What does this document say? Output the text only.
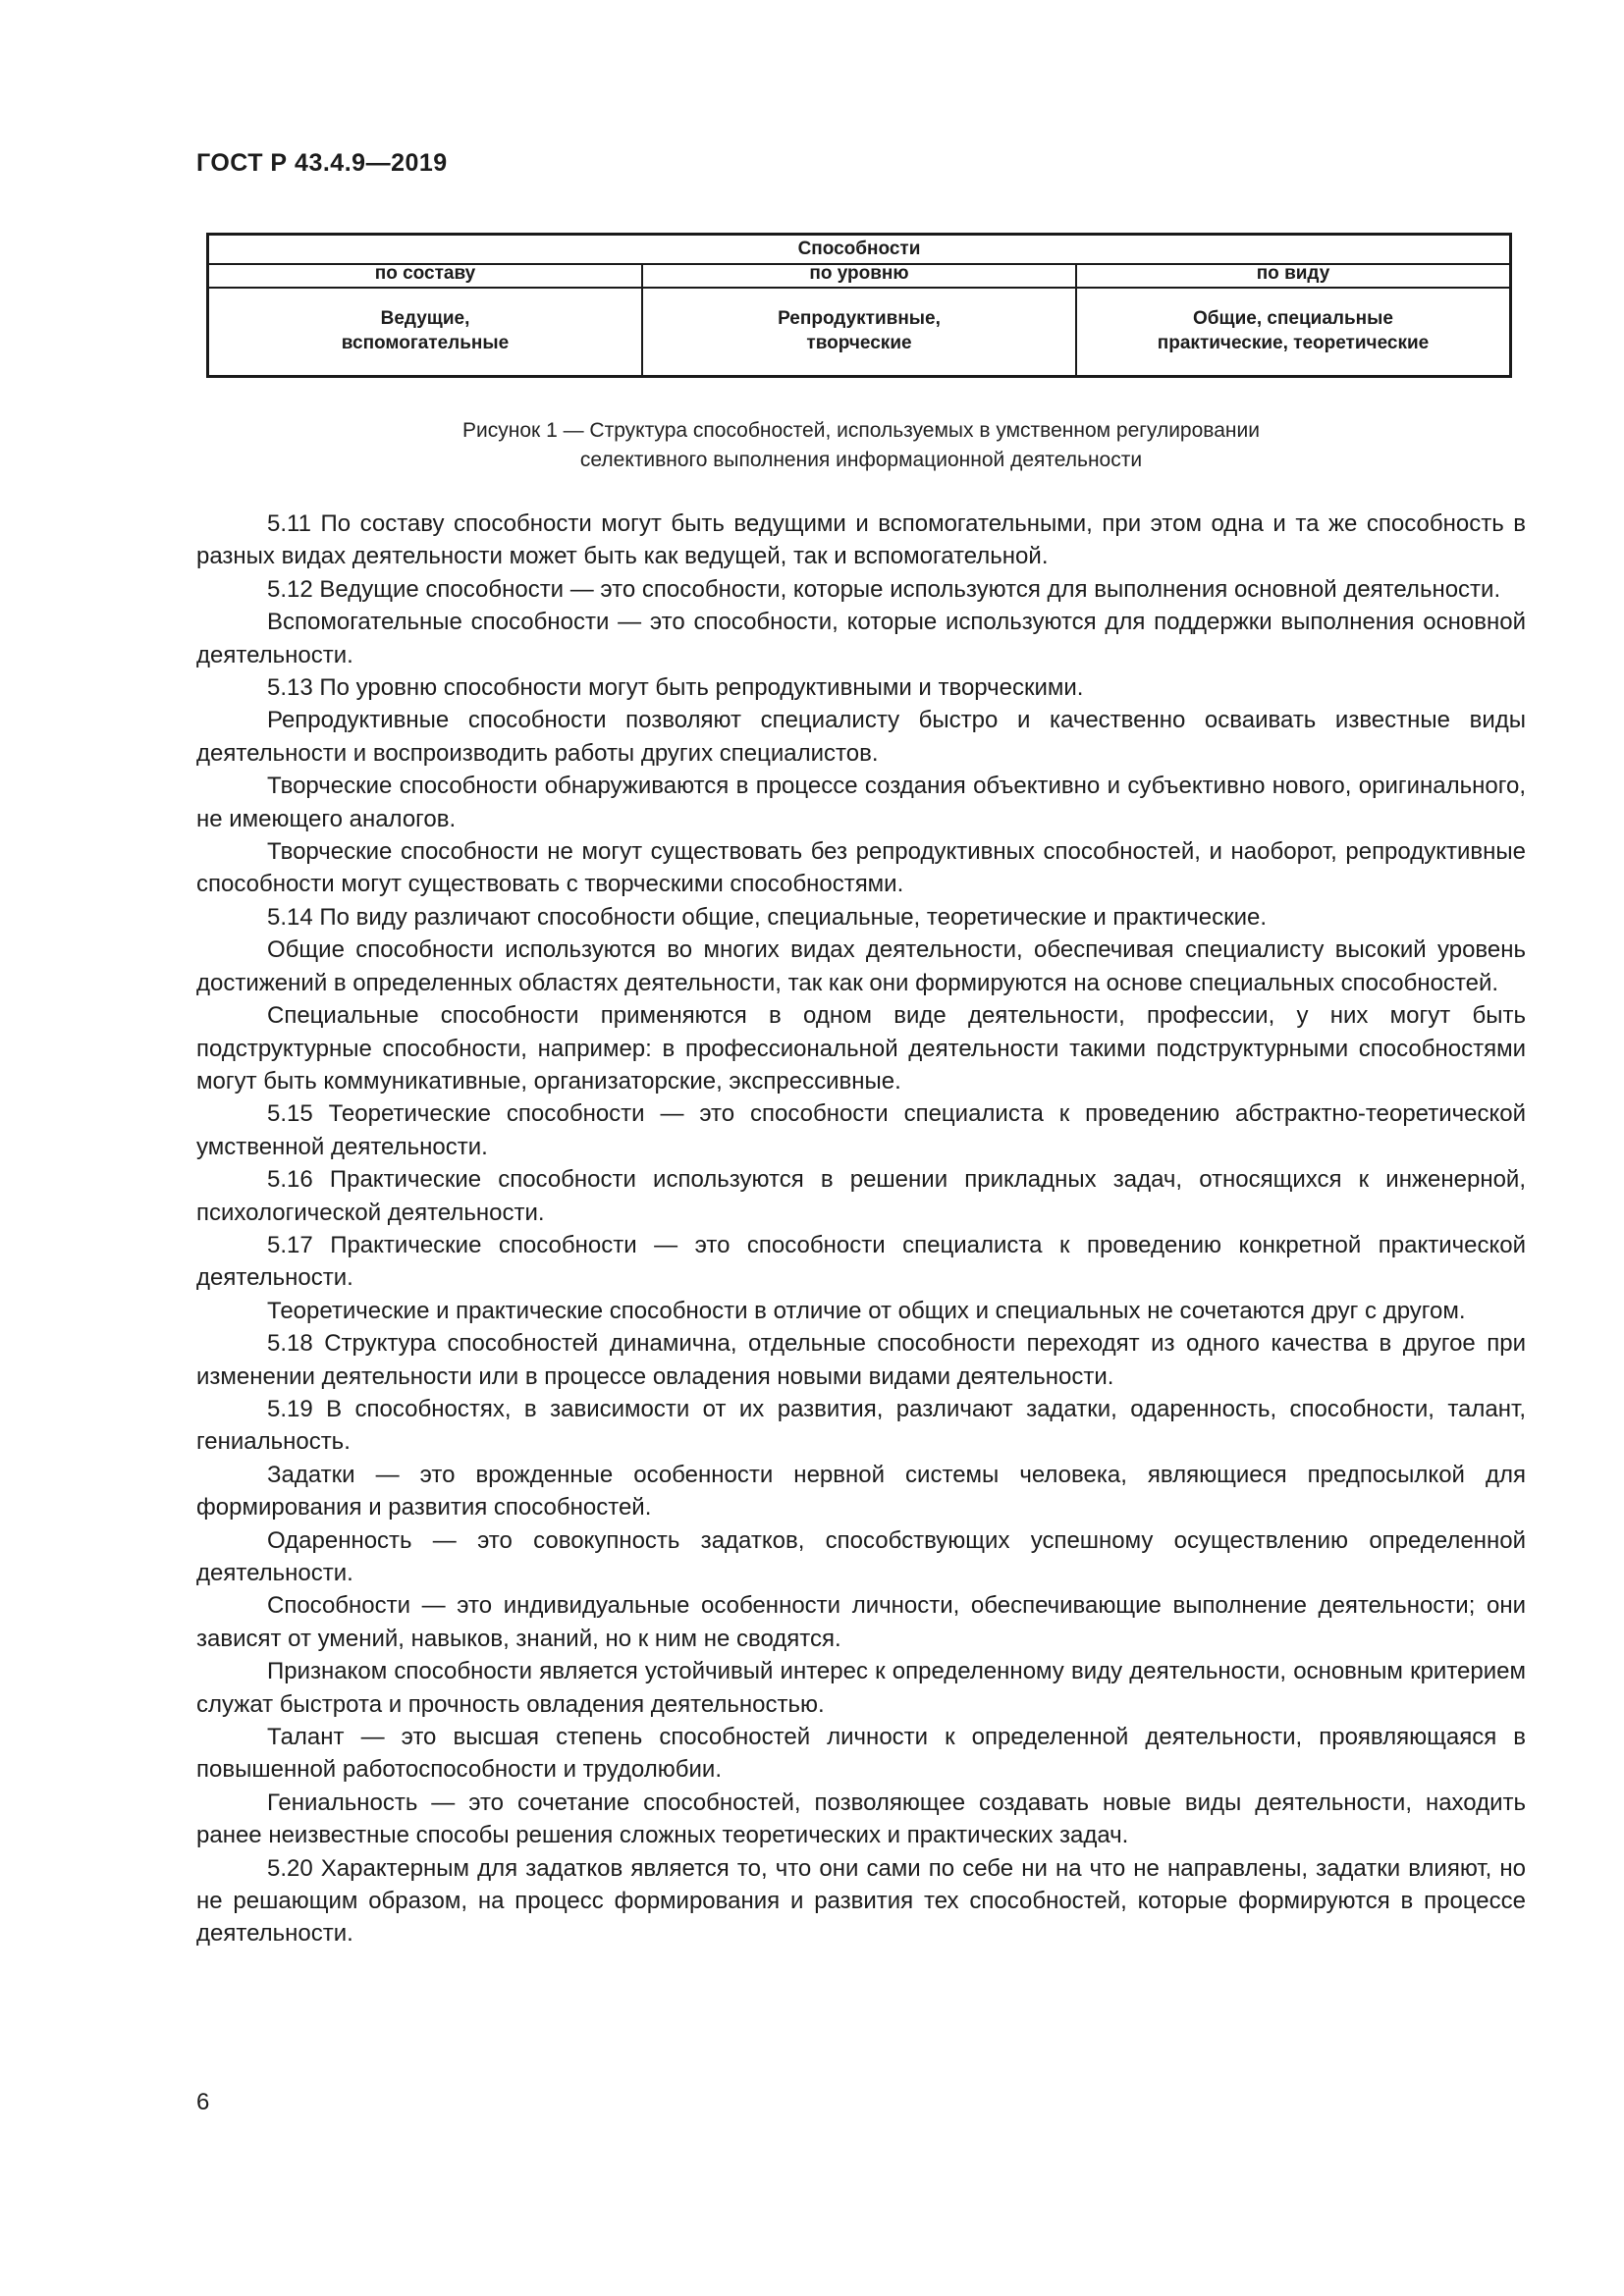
ГОСТ Р 43.4.9—2019
Способности
по составу	по уровню	по виду
Ведущие,
вспомогательные
Репродуктивные,
творческие
Общие, специальные
практические, теоретические
Рисунок 1 — Структура способностей, используемых в умственном регулировании
селективного выполнения информационной деятельности

5.11 По составу способности могут быть ведущими и вспомогательными, при этом одна и та же способность в разных видах деятельности может быть как ведущей, так и вспомогательной.

5.12 Ведущие способности — это способности, которые используются для выполнения основной деятельности.

Вспомогательные способности — это способности, которые используются для поддержки выполнения основной деятельности.

5.13 По уровню способности могут быть репродуктивными и творческими.

Репродуктивные способности позволяют специалисту быстро и качественно осваивать известные виды деятельности и воспроизводить работы других специалистов.

Творческие способности обнаруживаются в процессе создания объективно и субъективно нового, оригинального, не имеющего аналогов.

Творческие способности не могут существовать без репродуктивных способностей, и наоборот, репродуктивные способности могут существовать с творческими способностями.

5.14 По виду различают способности общие, специальные, теоретические и практические.

Общие способности используются во многих видах деятельности, обеспечивая специалисту высокий уровень достижений в определенных областях деятельности, так как они формируются на основе специальных способностей.

Специальные способности применяются в одном виде деятельности, профессии, у них могут быть подструктурные способности, например: в профессиональной деятельности такими подструктурными способностями могут быть коммуникативные, организаторские, экспрессивные.

5.15 Теоретические способности — это способности специалиста к проведению абстрактно-теоретической умственной деятельности.

5.16 Практические способности используются в решении прикладных задач, относящихся к инженерной, психологической деятельности.

5.17 Практические способности — это способности специалиста к проведению конкретной практической деятельности.

Теоретические и практические способности в отличие от общих и специальных не сочетаются друг с другом.

5.18 Структура способностей динамична, отдельные способности переходят из одного качества в другое при изменении деятельности или в процессе овладения новыми видами деятельности.

5.19 В способностях, в зависимости от их развития, различают задатки, одаренность, способности, талант, гениальность.

Задатки — это врожденные особенности нервной системы человека, являющиеся предпосылкой для формирования и развития способностей.

Одаренность — это совокупность задатков, способствующих успешному осуществлению определенной деятельности.

Способности — это индивидуальные особенности личности, обеспечивающие выполнение деятельности; они зависят от умений, навыков, знаний, но к ним не сводятся.

Признаком способности является устойчивый интерес к определенному виду деятельности, основным критерием служат быстрота и прочность овладения деятельностью.

Талант — это высшая степень способностей личности к определенной деятельности, проявляющаяся в повышенной работоспособности и трудолюбии.

Гениальность — это сочетание способностей, позволяющее создавать новые виды деятельности, находить ранее неизвестные способы решения сложных теоретических и практических задач.

5.20 Характерным для задатков является то, что они сами по себе ни на что не направлены, задатки влияют, но не решающим образом, на процесс формирования и развития тех способностей, которые формируются в процессе деятельности.

6
